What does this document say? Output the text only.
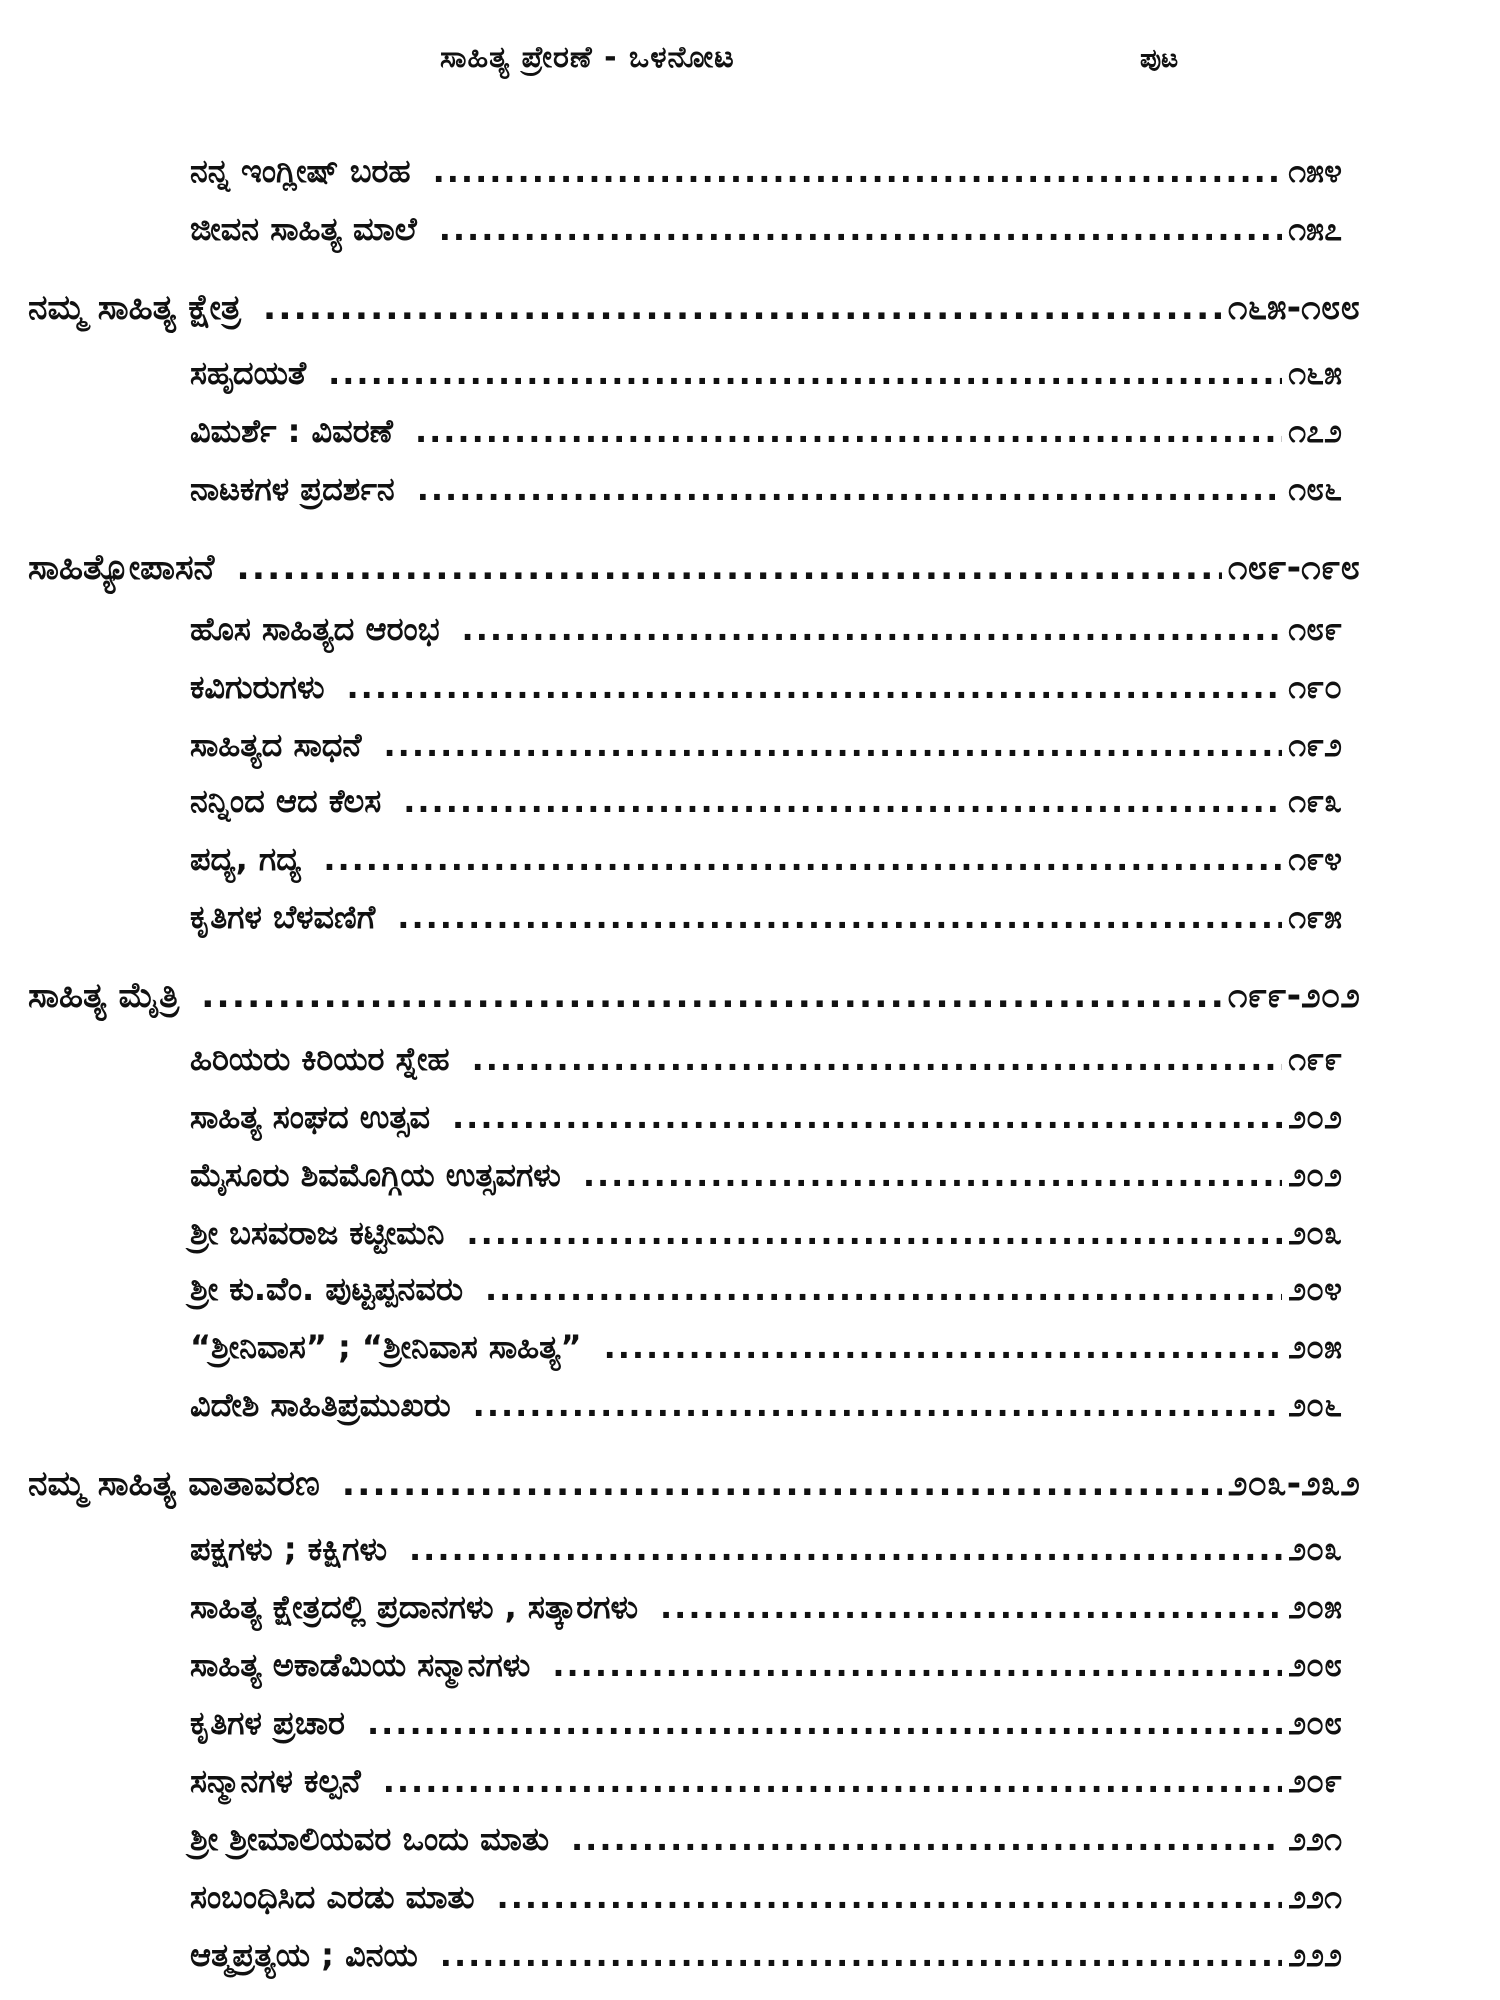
ಸಾಹಿತ್ಯ ಪ್ರೇರಣೆ - ಒಳನೋಟ	ಪುಟ
ನನ್ನ ಇಂಗ್ಲೀಷ್ ಬರಹ .....	೧೫೪
ಜೀವನ ಸಾಹಿತ್ಯ ಮಾಲೆ .....	೧೫೭
ನಮ್ಮ ಸಾಹಿತ್ಯ ಕ್ಷೇತ್ರ .....	೧೬೫-೧೮೮
ಸಹೃದಯತೆ .....	೧೬೫
ವಿಮರ್ಶೆ : ವಿವರಣೆ .....	೧೭೨
ನಾಟಕಗಳ ಪ್ರದರ್ಶನ .....	೧೮೬
ಸಾಹಿತ್ಯೋಪಾಸನೆ .....	೧೮೯-೧೯೮
ಹೊಸ ಸಾಹಿತ್ಯದ ಆರಂಭ .....	೧೮೯
ಕವಿಗುರುಗಳು .....	೧೯೦
ಸಾಹಿತ್ಯದ ಸಾಧನೆ .....	೧೯೨
ನನ್ನಿಂದ ಆದ ಕೆಲಸ .....	೧೯೩
ಪದ್ಯ, ಗದ್ಯ .....	೧೯೪
ಕೃತಿಗಳ ಬೆಳವಣಿಗೆ .....	೧೯೫
ಸಾಹಿತ್ಯ ಮೈತ್ರಿ .....	೧೯೯-೨೦೨
ಹಿರಿಯರು ಕಿರಿಯರ ಸ್ನೇಹ .....	೧೯೯
ಸಾಹಿತ್ಯ ಸಂಘದ ಉತ್ಸವ .....	೨೦೨
ಮೈಸೂರು ಶಿವಮೊಗ್ಗಿಯ ಉತ್ಸವಗಳು .....	೨೦೨
ಶ್ರೀ ಬಸವರಾಜ ಕಟ್ಟೀಮನಿ .....	೨೦೩
ಶ್ರೀ ಕು.ವೆಂ. ಪುಟ್ಟಪ್ಪನವರು .....	೨೦೪
“ಶ್ರೀನಿವಾಸ” ; “ಶ್ರೀನಿವಾಸ ಸಾಹಿತ್ಯ” .....	೨೦೫
ವಿದೇಶಿ ಸಾಹಿತಿಪ್ರಮುಖರು .....	೨೦೬
ನಮ್ಮ ಸಾಹಿತ್ಯ ವಾತಾವರಣ .....	೨೦೩-೨೩೨
ಪಕ್ಷಗಳು ; ಕಕ್ಷಿಗಳು .....	೨೦೩
ಸಾಹಿತ್ಯ ಕ್ಷೇತ್ರದಲ್ಲಿ ಪ್ರದಾನಗಳು , ಸತ್ಕಾರಗಳು .....	೨೦೫
ಸಾಹಿತ್ಯ ಅಕಾಡೆಮಿಯ ಸನ್ಮಾನಗಳು .....	೨೦೮
ಕೃತಿಗಳ ಪ್ರಚಾರ .....	೨೦೮
ಸನ್ಮಾನಗಳ ಕಲ್ಪನೆ .....	೨೦೯
ಶ್ರೀ ಶ್ರೀಮಾಲಿಯವರ ಒಂದು ಮಾತು .....	೨೨೧
ಸಂಬಂಧಿಸಿದ ಎರಡು ಮಾತು .....	೨೨೧
ಆತ್ಮಪ್ರತ್ಯಯ ; ವಿನಯ .....	೨೨೨
